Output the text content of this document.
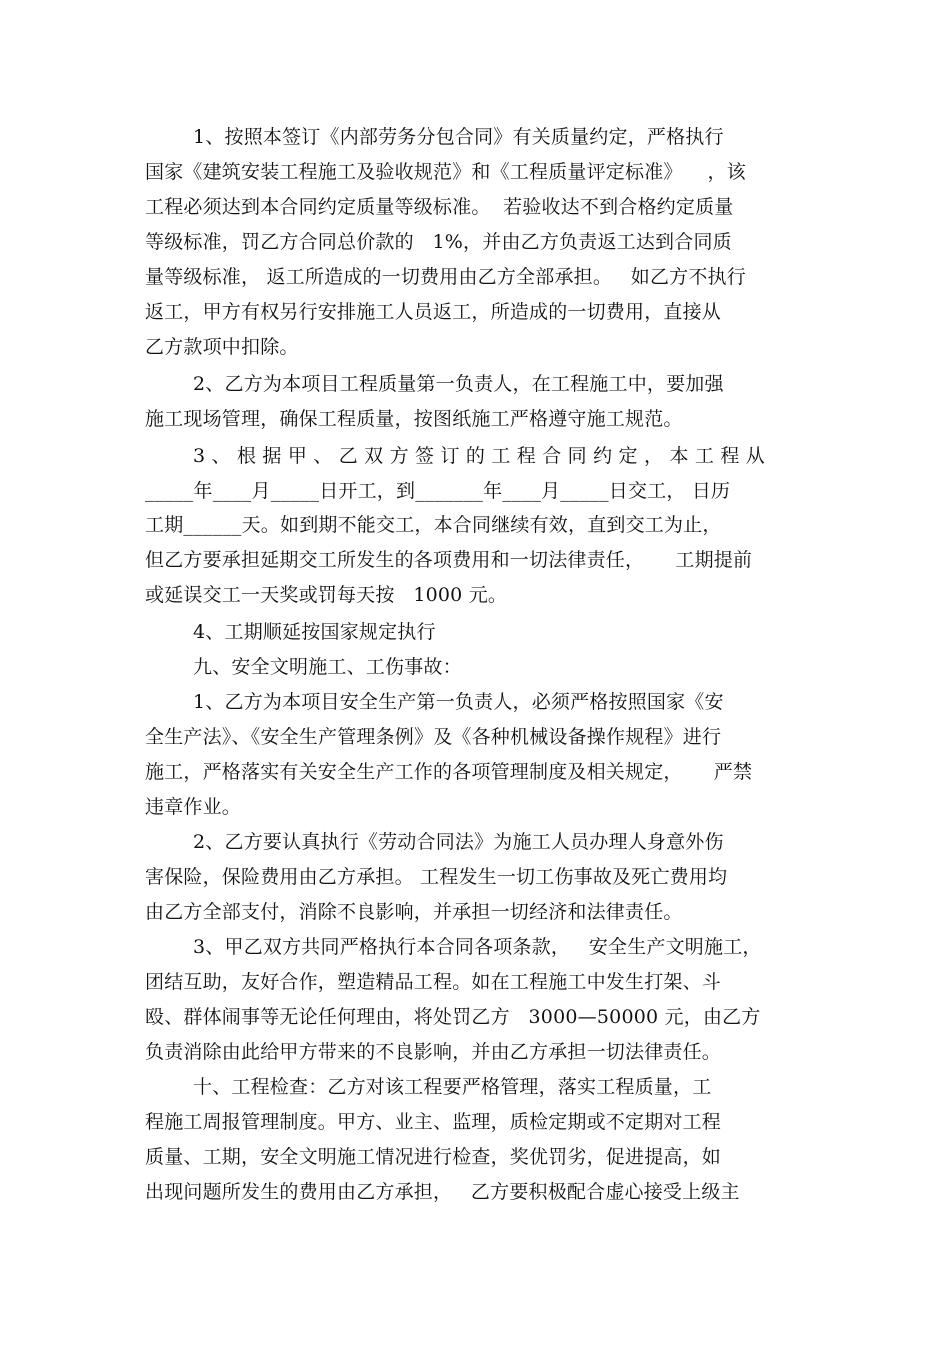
1、按照本签订《内部劳务分包合同》有关质量约定，严格执行
国家《建筑安装工程施工及验收规范》和《工程质量评定标准》    ，该
工程必须达到本合同约定质量等级标准。  若验收达不到合格约定质量
等级标准，罚乙方合同总价款的   1%，并由乙方负责返工达到合同质
量等级标准， 返工所造成的一切费用由乙方全部承担。   如乙方不执行
返工，甲方有权另行安排施工人员返工，所造成的一切费用，直接从
乙方款项中扣除。
2、乙方为本项目工程质量第一负责人，在工程施工中，要加强
施工现场管理，确保工程质量，按图纸施工严格遵守施工规范。
3 、 根 据 甲 、 乙 双 方 签 订 的 工 程 合 同 约 定 ， 本 工 程 从
_____年____月_____日开工，到_______年____月_____日交工， 日历
工期______天。如到期不能交工，本合同继续有效，直到交工为止，
但乙方要承担延期交工所发生的各项费用和一切法律责任，     工期提前
或延误交工一天奖或罚每天按   1000 元。
4、工期顺延按国家规定执行
九、安全文明施工、工伤事故：
1、乙方为本项目安全生产第一负责人，必须严格按照国家《安
全生产法》、《安全生产管理条例》及《各种机械设备操作规程》进行
施工，严格落实有关安全生产工作的各项管理制度及相关规定，     严禁
违章作业。
2、乙方要认真执行《劳动合同法》为施工人员办理人身意外伤
害保险，保险费用由乙方承担。 工程发生一切工伤事故及死亡费用均
由乙方全部支付，消除不良影响，并承担一切经济和法律责任。
3、甲乙双方共同严格执行本合同各项条款，   安全生产文明施工，
团结互助，友好合作，塑造精品工程。如在工程施工中发生打架、斗
殴、群体闹事等无论任何理由，将处罚乙方   3000—50000 元，由乙方
负责消除由此给甲方带来的不良影响，并由乙方承担一切法律责任。
十、工程检查：乙方对该工程要严格管理，落实工程质量，工
程施工周报管理制度。甲方、业主、监理，质检定期或不定期对工程
质量、工期，安全文明施工情况进行检查，奖优罚劣，促进提高，如
出现问题所发生的费用由乙方承担，   乙方要积极配合虚心接受上级主
